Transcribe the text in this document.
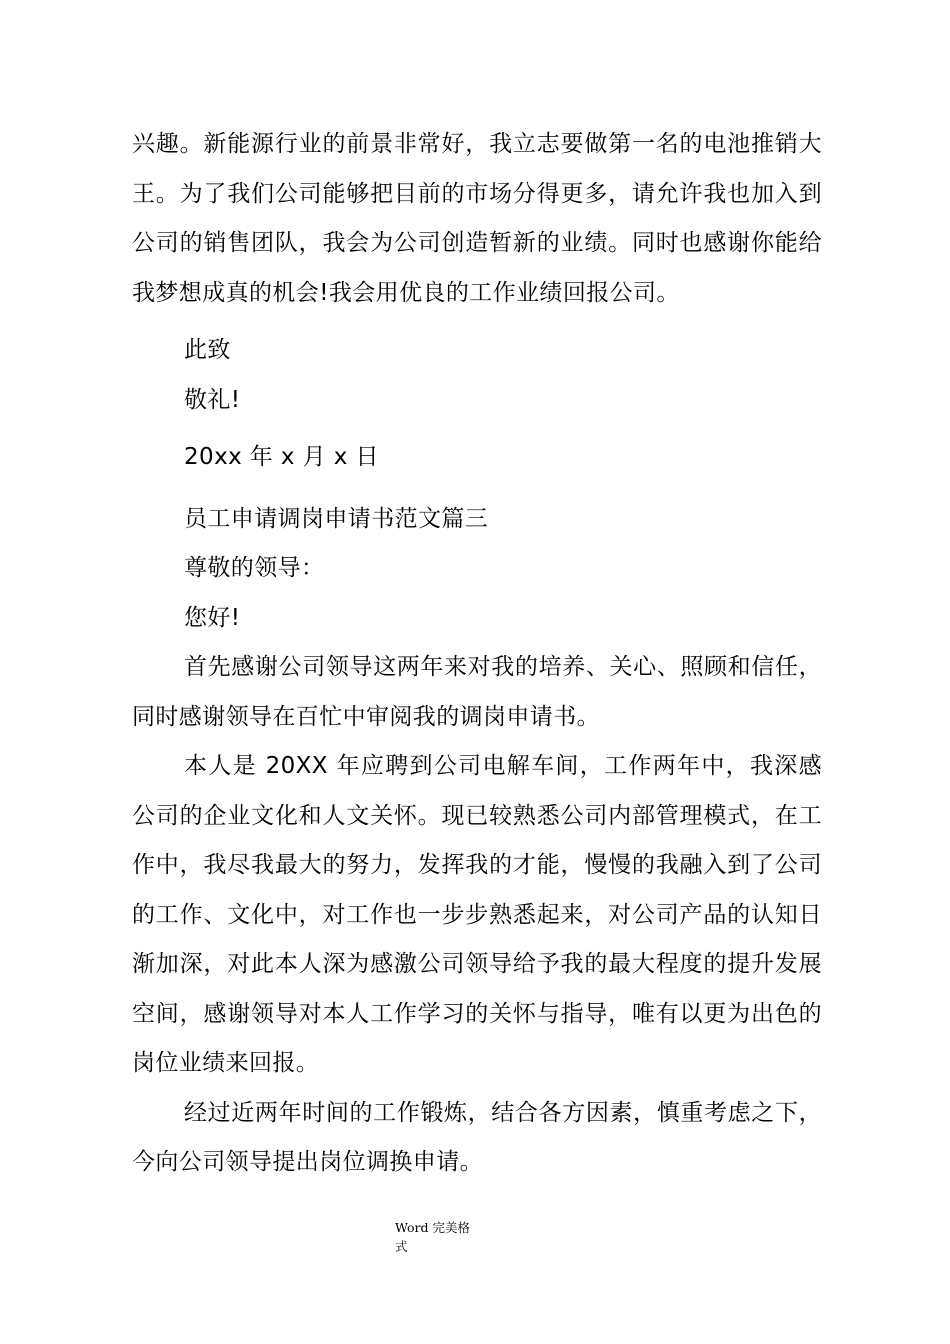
兴趣。新能源行业的前景非常好，我立志要做第一名的电池推销大王。为了我们公司能够把目前的市场分得更多，请允许我也加入到公司的销售团队，我会为公司创造暂新的业绩。同时也感谢你能给我梦想成真的机会!我会用优良的工作业绩回报公司。

此致

敬礼!

20xx 年 x 月 x 日

员工申请调岗申请书范文篇三

尊敬的领导：

您好!

首先感谢公司领导这两年来对我的培养、关心、照顾和信任，同时感谢领导在百忙中审阅我的调岗申请书。

本人是 20XX 年应聘到公司电解车间，工作两年中，我深感公司的企业文化和人文关怀。现已较熟悉公司内部管理模式，在工作中，我尽我最大的努力，发挥我的才能，慢慢的我融入到了公司的工作、文化中，对工作也一步步熟悉起来，对公司产品的认知日渐加深，对此本人深为感激公司领导给予我的最大程度的提升发展空间，感谢领导对本人工作学习的关怀与指导，唯有以更为出色的岗位业绩来回报。

经过近两年时间的工作锻炼，结合各方因素，慎重考虑之下，今向公司领导提出岗位调换申请。

Word 完美格
式
